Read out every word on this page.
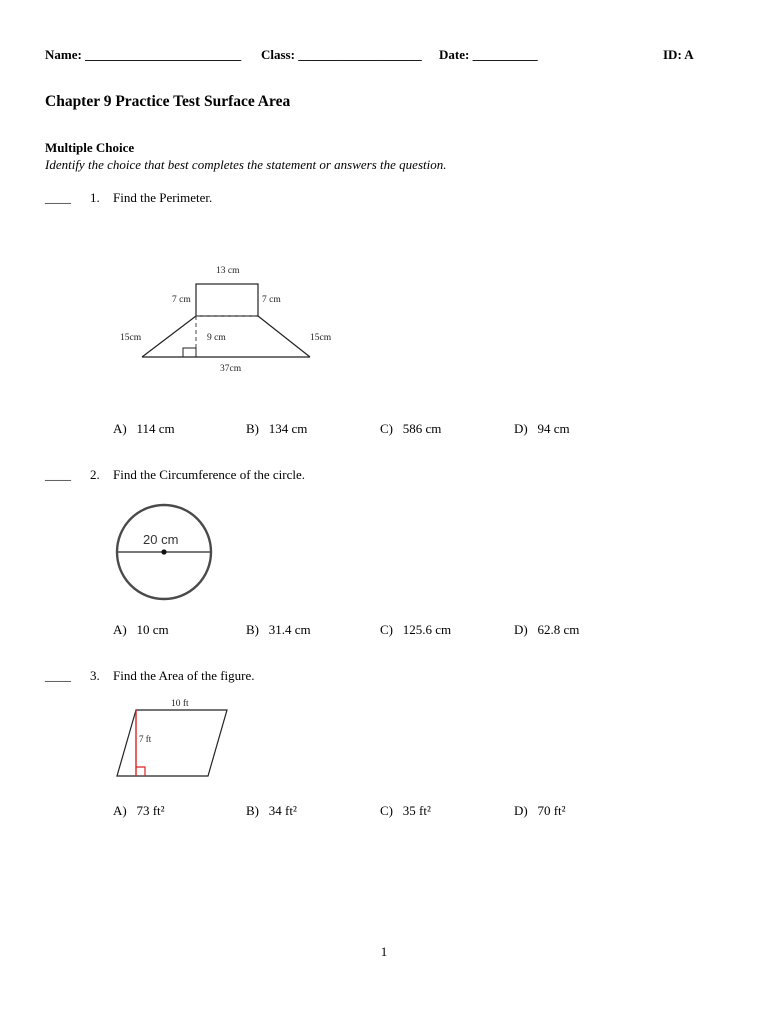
Name: ________________________ Class: ___________________ Date: __________	ID: A
Chapter 9 Practice Test Surface Area
Multiple Choice
Identify the choice that best completes the statement or answers the question.
____ 1. Find the Perimeter.
13 cm
7 cm	7 cm
15cm	15cm
9 cm
37cm
A) 114 cm	B) 134 cm	C) 586 cm	D) 94 cm
____ 2. Find the Circumference of the circle.
20 cm
A) 10 cm	B) 31.4 cm	C) 125.6 cm	D) 62.8 cm
____ 3. Find the Area of the figure.
10 ft
7 ft
A) 73 ft²	B) 34 ft²	C) 35 ft²	D) 70 ft²
1
